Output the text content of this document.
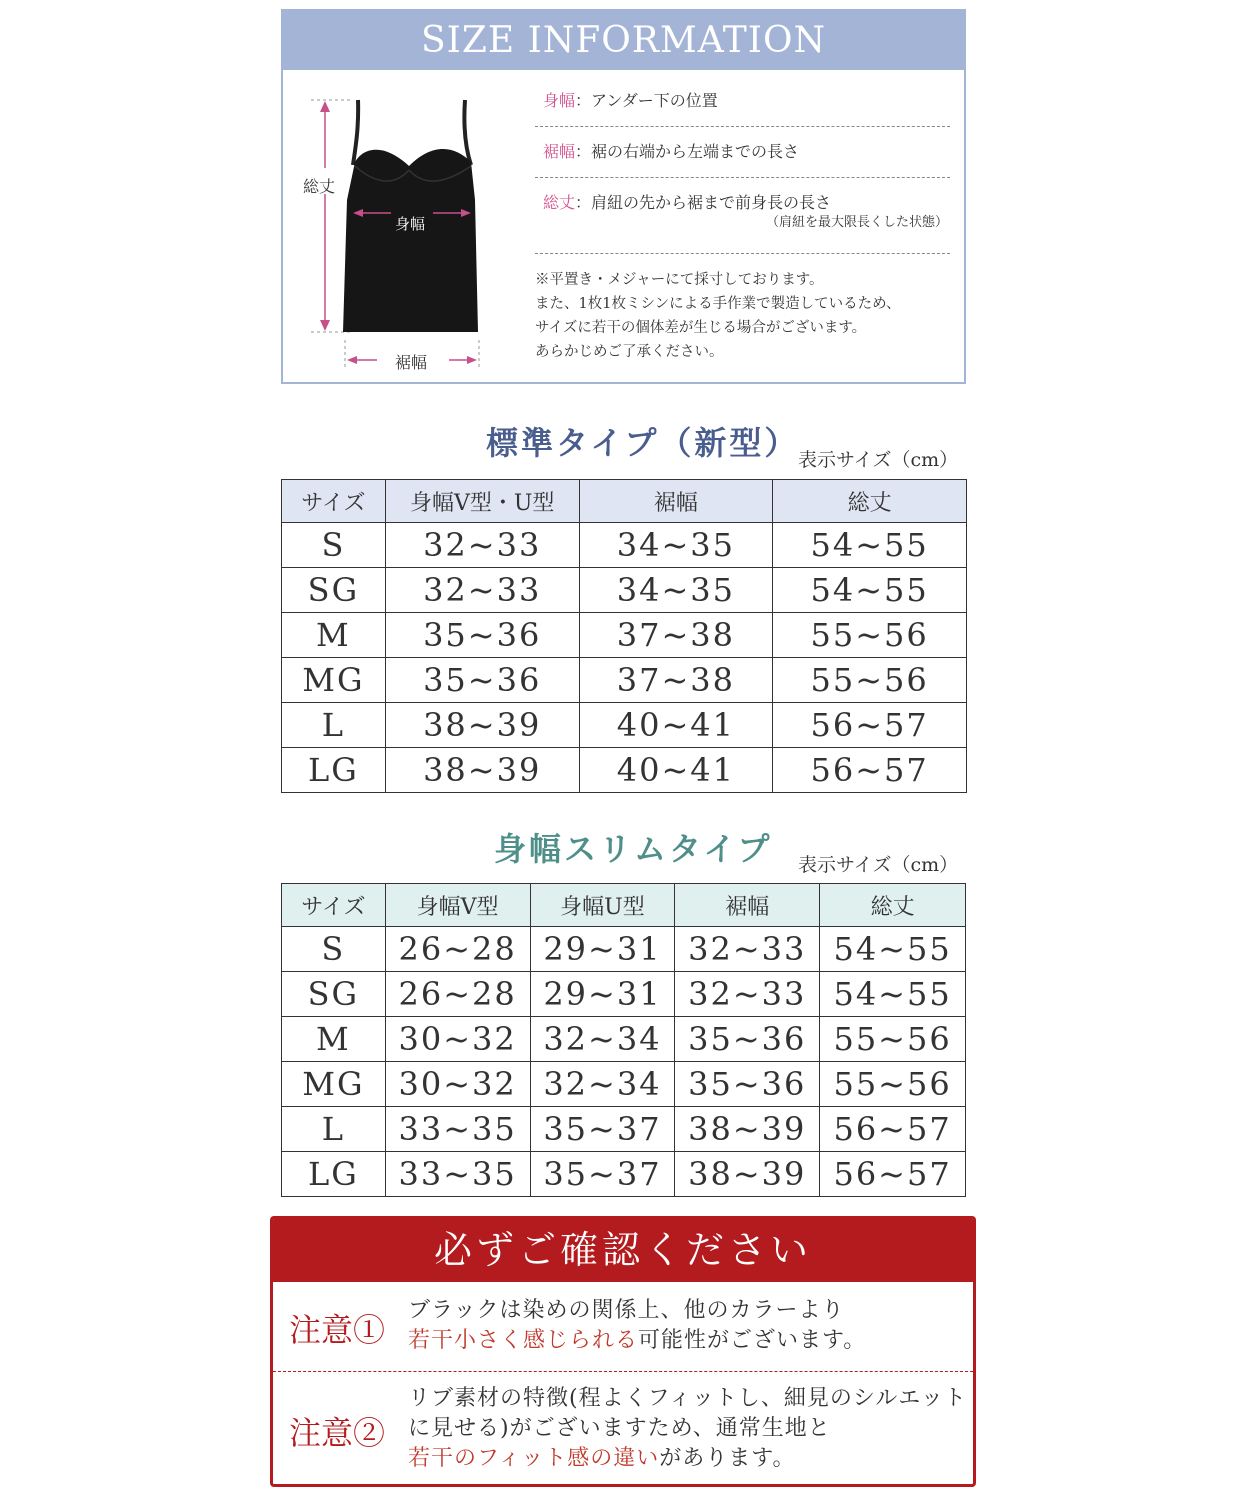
SIZE INFORMATION
総丈
身幅
裾幅
身幅：アンダー下の位置
裾幅：裾の右端から左端までの長さ
総丈：肩紐の先から裾まで前身長の長さ
（肩紐を最大限長くした状態）
※平置き・メジャーにて採寸しております。
また、1枚1枚ミシンによる手作業で製造しているため、
サイズに若干の個体差が生じる場合がございます。
あらかじめご了承ください。
標準タイプ（新型）
表示サイズ（cm）
サイズ	身幅Ⅴ型・U型	裾幅	総丈
S	32~33	34~35	54~55
SG	32~33	34~35	54~55
M	35~36	37~38	55~56
MG	35~36	37~38	55~56
L	38~39	40~41	56~57
LG	38~39	40~41	56~57
身幅スリムタイプ 表示サイズ（cm）
サイズ	身幅Ⅴ型	身幅U型	裾幅	総丈
S	26~28	29~31	32~33	54~55
SG	26~28	29~31	32~33	54~55
M	30~32	32~34	35~36	55~56
MG	30~32	32~34	35~36	55~56
L	33~35	35~37	38~39	56~57
LG	33~35	35~37	38~39	56~57
必ずご確認ください
注意①
ブラックは染めの関係上、他のカラーより
若干小さく感じられる可能性がございます。
注意②
リブ素材の特徴(程よくフィットし、細見のシルエット
に見せる)がございますため、通常生地と
若干のフィット感の違いがあります。
